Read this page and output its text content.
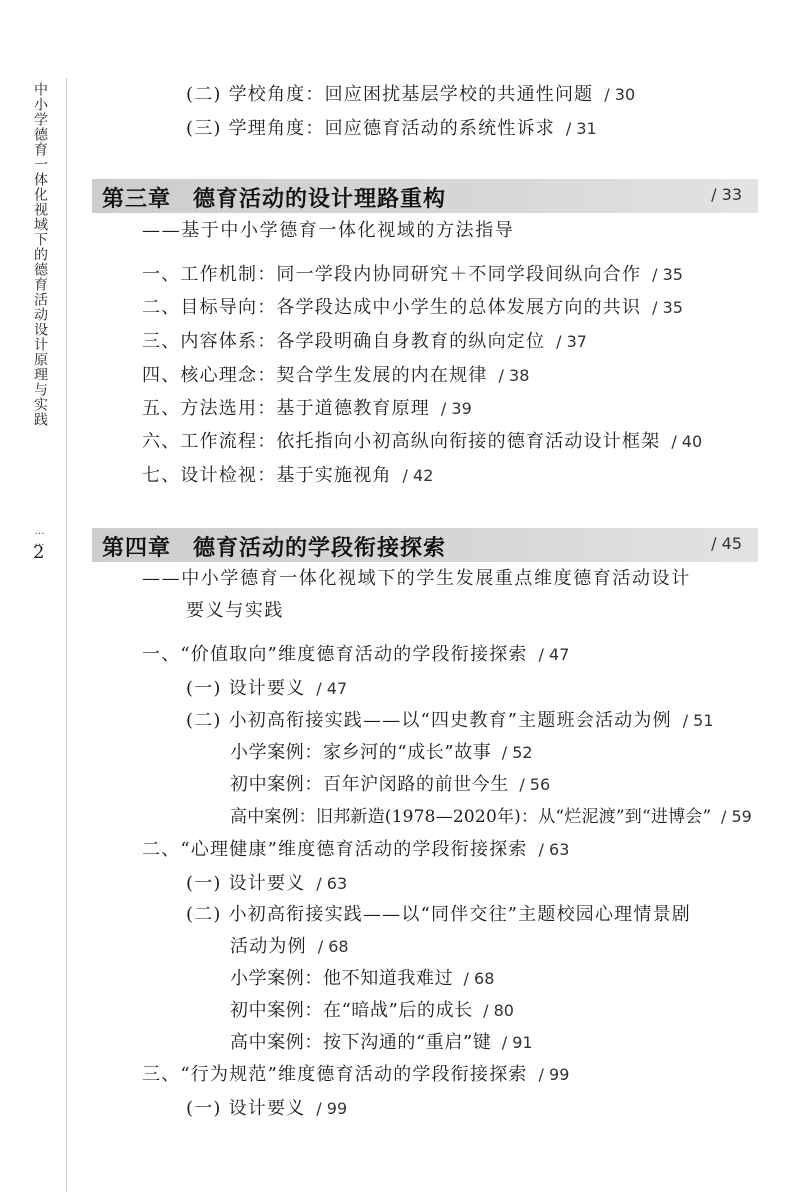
中小学德育一体化视域下的德育活动设计原理与实践
……
2
(二) 学校角度：回应困扰基层学校的共通性问题 / 30
(三) 学理角度：回应德育活动的系统性诉求 / 31
第三章 德育活动的设计理路重构	/ 33
——基于中小学德育一体化视域的方法指导
一、工作机制：同一学段内协同研究＋不同学段间纵向合作 / 35
二、目标导向：各学段达成中小学生的总体发展方向的共识 / 35
三、内容体系：各学段明确自身教育的纵向定位 / 37
四、核心理念：契合学生发展的内在规律 / 38
五、方法选用：基于道德教育原理 / 39
六、工作流程：依托指向小初高纵向衔接的德育活动设计框架 / 40
七、设计检视：基于实施视角 / 42
第四章 德育活动的学段衔接探索	/ 45
——中小学德育一体化视域下的学生发展重点维度德育活动设计
要义与实践
一、“价值取向”维度德育活动的学段衔接探索 / 47
(一) 设计要义 / 47
(二) 小初高衔接实践——以“四史教育”主题班会活动为例 / 51
小学案例：家乡河的“成长”故事 / 52
初中案例：百年沪闵路的前世今生 / 56
高中案例：旧邦新造(1978—2020年)：从“烂泥渡”到“进博会” / 59
二、“心理健康”维度德育活动的学段衔接探索 / 63
(一) 设计要义 / 63
(二) 小初高衔接实践——以“同伴交往”主题校园心理情景剧
活动为例 / 68
小学案例：他不知道我难过 / 68
初中案例：在“暗战”后的成长 / 80
高中案例：按下沟通的“重启”键 / 91
三、“行为规范”维度德育活动的学段衔接探索 / 99
(一) 设计要义 / 99
